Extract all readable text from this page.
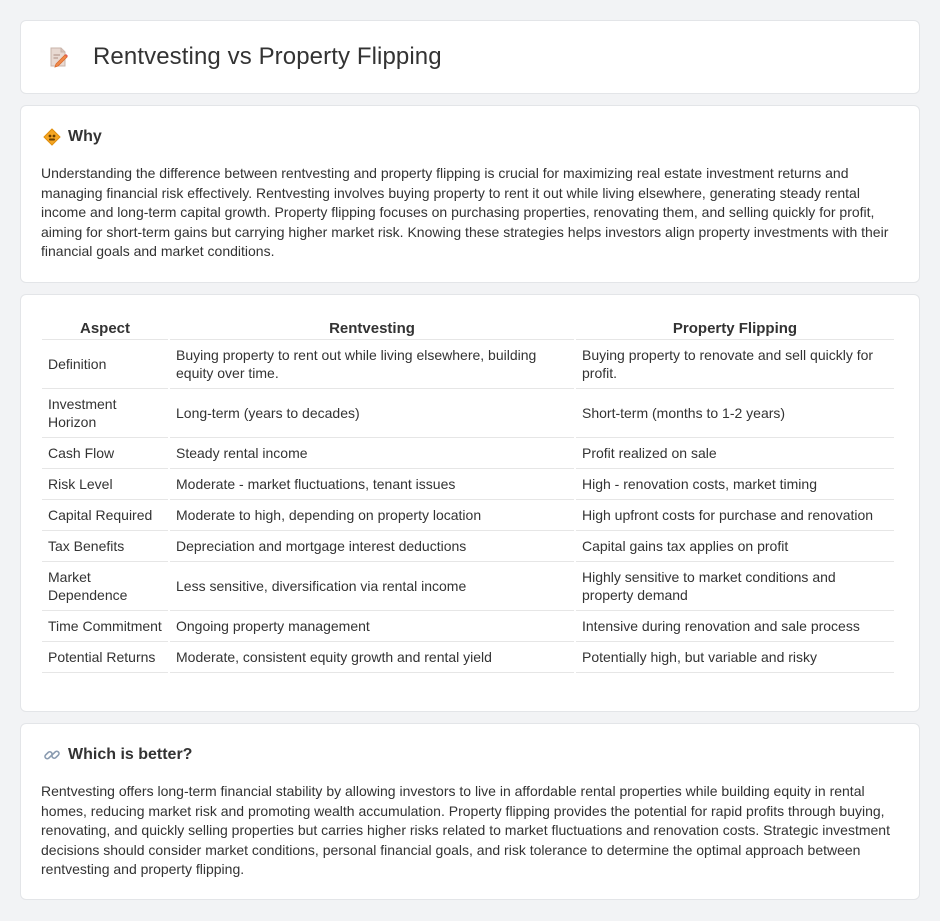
Rentvesting vs Property Flipping
Why

Understanding the difference between rentvesting and property flipping is crucial for maximizing real estate investment returns and managing financial risk effectively. Rentvesting involves buying property to rent it out while living elsewhere, generating steady rental income and long-term capital growth. Property flipping focuses on purchasing properties, renovating them, and selling quickly for profit, aiming for short-term gains but carrying higher market risk. Knowing these strategies helps investors align property investments with their financial goals and market conditions.

Aspect	Rentvesting	Property Flipping
Definition	Buying property to rent out while living elsewhere, building equity over time.	Buying property to renovate and sell quickly for profit.
Investment Horizon	Long-term (years to decades)	Short-term (months to 1-2 years)
Cash Flow	Steady rental income	Profit realized on sale
Risk Level	Moderate - market fluctuations, tenant issues	High - renovation costs, market timing
Capital Required	Moderate to high, depending on property location	High upfront costs for purchase and renovation
Tax Benefits	Depreciation and mortgage interest deductions	Capital gains tax applies on profit
Market Dependence	Less sensitive, diversification via rental income	Highly sensitive to market conditions and property demand
Time Commitment	Ongoing property management	Intensive during renovation and sale process
Potential Returns	Moderate, consistent equity growth and rental yield	Potentially high, but variable and risky
Which is better?

Rentvesting offers long-term financial stability by allowing investors to live in affordable rental properties while building equity in rental homes, reducing market risk and promoting wealth accumulation. Property flipping provides the potential for rapid profits through buying, renovating, and quickly selling properties but carries higher risks related to market fluctuations and renovation costs. Strategic investment decisions should consider market conditions, personal financial goals, and risk tolerance to determine the optimal approach between rentvesting and property flipping.
